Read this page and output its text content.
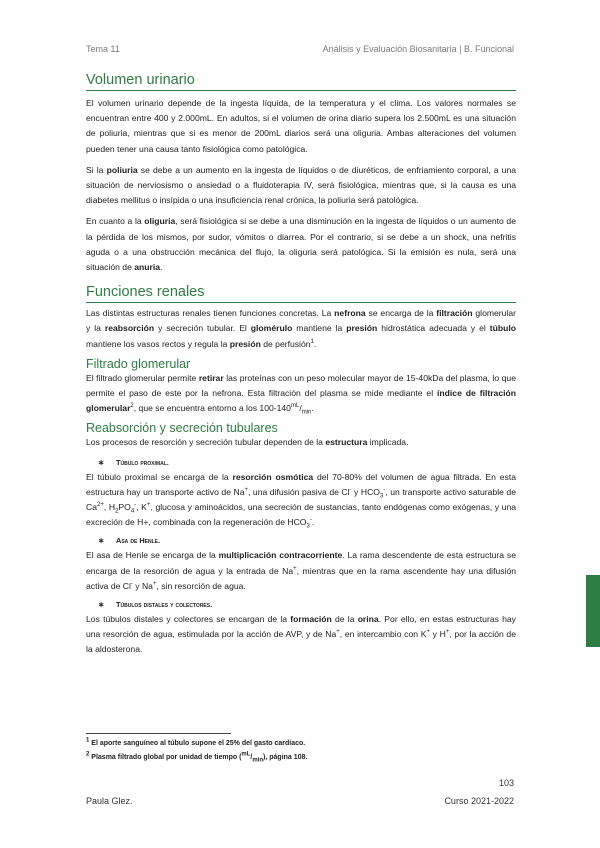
Tema 11	Análisis y Evaluación Biosanitaria | B. Funcional
Volumen urinario

El volumen urinario depende de la ingesta líquida, de la temperatura y el clima. Los valores normales se encuentran entre 400 y 2.000mL. En adultos, si el volumen de orina diario supera los 2.500mL es una situación de poliuria, mientras que si es menor de 200mL diarios será una oliguria. Ambas alteraciones del volumen pueden tener una causa tanto fisiológica como patológica.

Si la poliuria se debe a un aumento en la ingesta de líquidos o de diuréticos, de enfriamiento corporal, a una situación de nerviosismo o ansiedad o a fluidoterapia IV, será fisiológica, mientras que, si la causa es una diabetes mellitus o insípida o una insuficiencia renal crónica, la poliuria será patológica.

En cuanto a la oliguria, será fisiológica si se debe a una disminución en la ingesta de líquidos o un aumento de la pérdida de los mismos, por sudor, vómitos o diarrea. Por el contrario, si se debe a un shock, una nefritis aguda o a una obstrucción mecánica del flujo, la oliguria será patológica. Si la emisión es nula, será una situación de anuria.

Funciones renales

Las distintas estructuras renales tienen funciones concretas. La nefrona se encarga de la filtración glomerular y la reabsorción y secreción tubular. El glomérulo mantiene la presión hidrostática adecuada y el túbulo mantiene los vasos rectos y regula la presión de perfusión$^1$.

Filtrado glomerular

El filtrado glomerular permite retirar las proteínas con un peso molecular mayor de 15-40kDa del plasma, lo que permite el paso de este por la nefrona. Esta filtración del plasma se mide mediante el índice de filtración glomerular$^2$, que se encuentra entorno a los $100-140^{mL}/_{min}$.

Reabsorción y secreción tubulares

Los procesos de resorción y secreción tubular dependen de la estructura implicada.

∗ Túbulo proximal.

El túbulo proximal se encarga de la resorción osmótica del 70-80% del volumen de agua filtrada. En esta estructura hay un transporte activo de Na+, una difusión pasiva de Cl- y $HCO_3^-$, un transporte activo saturable de $Ca^{2+}$, $H_2PO_4^-$, K+, glucosa y aminoácidos, una secreción de sustancias, tanto endógenas como exógenas, y una excreción de H+, combinada con la regeneración de $HCO_3^-$.

∗ Asa de Henle.

El asa de Henle se encarga de la multiplicación contracorriente. La rama descendente de esta estructura se encarga de la resorción de agua y la entrada de Na+, mientras que en la rama ascendente hay una difusión activa de Cl- y Na+, sin resorción de agua.

∗ Túbulos distales y colectores.

Los túbulos distales y colectores se encargan de la formación de la orina. Por ello, en estas estructuras hay una resorción de agua, estimulada por la acción de AVP, y de Na+, en intercambio con K+ y H+, por la acción de la aldosterona.

$^1$ El aporte sanguíneo al túbulo supone el 25% del gasto cardíaco.
$^2$ Plasma filtrado global por unidad de tiempo $(^{mL}/_{min})$, página 108.
103
Paula Glez.	Curso 2021-2022
